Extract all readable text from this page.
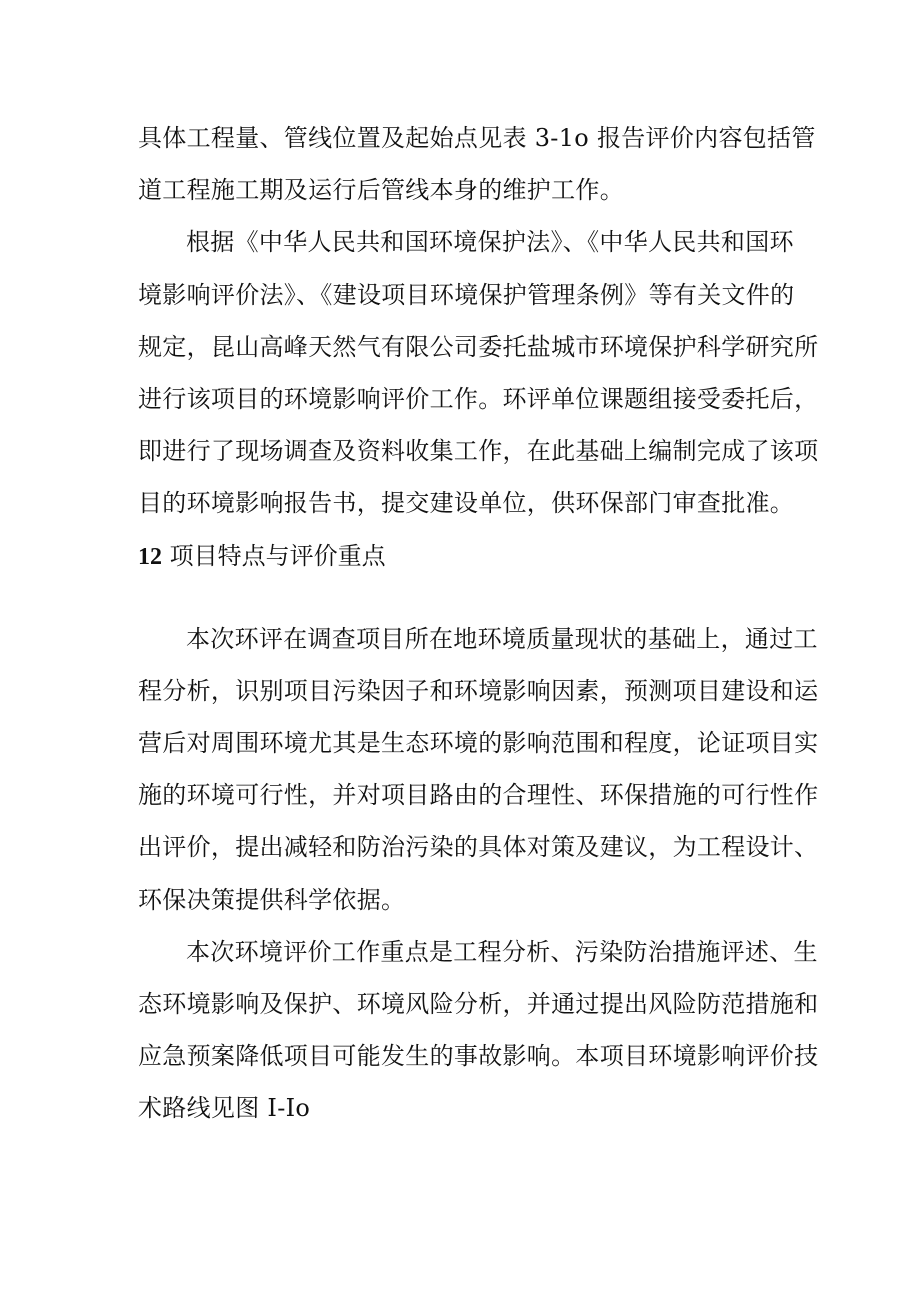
具体工程量、管线位置及起始点见表 3-1o 报告评价内容包括管
道工程施工期及运行后管线本身的维护工作。

根据《中华人民共和国环境保护法》、《中华人民共和国环
境影响评价法》、《建设项目环境保护管理条例》等有关文件的
规定，昆山高峰天然气有限公司委托盐城市环境保护科学研究所
进行该项目的环境影响评价工作。环评单位课题组接受委托后，
即进行了现场调查及资料收集工作，在此基础上编制完成了该项
目的环境影响报告书，提交建设单位，供环保部门审查批准。

12 项目特点与评价重点

本次环评在调查项目所在地环境质量现状的基础上，通过工
程分析，识别项目污染因子和环境影响因素，预测项目建设和运
营后对周围环境尤其是生态环境的影响范围和程度，论证项目实
施的环境可行性，并对项目路由的合理性、环保措施的可行性作
出评价，提出减轻和防治污染的具体对策及建议，为工程设计、
环保决策提供科学依据。

本次环境评价工作重点是工程分析、污染防治措施评述、生
态环境影响及保护、环境风险分析，并通过提出风险防范措施和
应急预案降低项目可能发生的事故影响。本项目环境影响评价技
术路线见图 I-Io
